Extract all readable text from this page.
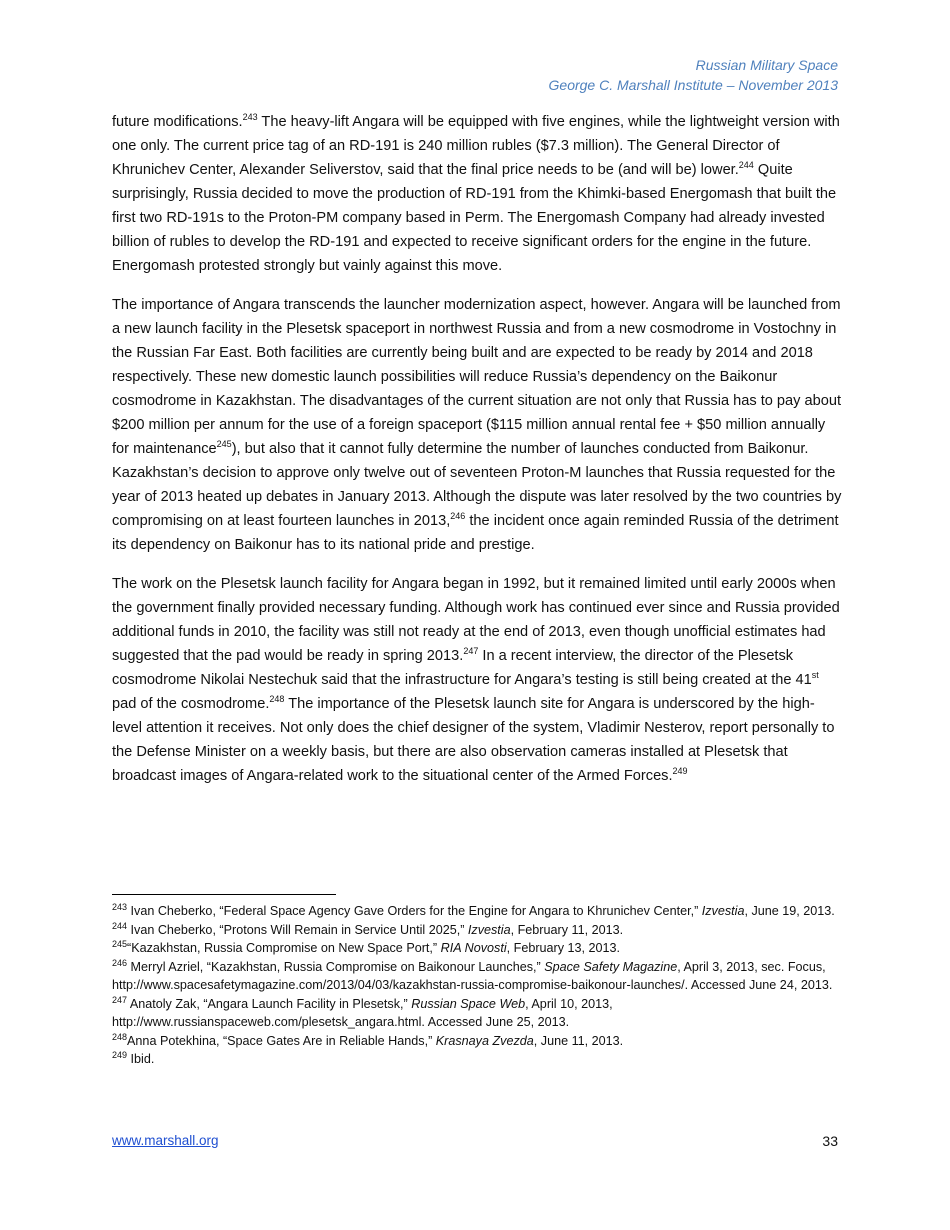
Russian Military Space
George C. Marshall Institute – November 2013

future modifications.$^{243}$ The heavy-lift Angara will be equipped with five engines, while the lightweight version with one only. The current price tag of an RD-191 is 240 million rubles ($7.3 million). The General Director of Khrunichev Center, Alexander Seliverstov, said that the final price needs to be (and will be) lower.$^{244}$ Quite surprisingly, Russia decided to move the production of RD-191 from the Khimki-based Energomash that built the first two RD-191s to the Proton-PM company based in Perm. The Energomash Company had already invested billion of rubles to develop the RD-191 and expected to receive significant orders for the engine in the future. Energomash protested strongly but vainly against this move.

The importance of Angara transcends the launcher modernization aspect, however. Angara will be launched from a new launch facility in the Plesetsk spaceport in northwest Russia and from a new cosmodrome in Vostochny in the Russian Far East. Both facilities are currently being built and are expected to be ready by 2014 and 2018 respectively. These new domestic launch possibilities will reduce Russia’s dependency on the Baikonur cosmodrome in Kazakhstan. The disadvantages of the current situation are not only that Russia has to pay about $200 million per annum for the use of a foreign spaceport ($115 million annual rental fee + $50 million annually for maintenance$^{245}$), but also that it cannot fully determine the number of launches conducted from Baikonur. Kazakhstan’s decision to approve only twelve out of seventeen Proton-M launches that Russia requested for the year of 2013 heated up debates in January 2013. Although the dispute was later resolved by the two countries by compromising on at least fourteen launches in 2013,$^{246}$ the incident once again reminded Russia of the detriment its dependency on Baikonur has to its national pride and prestige.

The work on the Plesetsk launch facility for Angara began in 1992, but it remained limited until early 2000s when the government finally provided necessary funding. Although work has continued ever since and Russia provided additional funds in 2010, the facility was still not ready at the end of 2013, even though unofficial estimates had suggested that the pad would be ready in spring 2013.$^{247}$ In a recent interview, the director of the Plesetsk cosmodrome Nikolai Nestechuk said that the infrastructure for Angara’s testing is still being created at the 41st pad of the cosmodrome.$^{248}$ The importance of the Plesetsk launch site for Angara is underscored by the high-level attention it receives. Not only does the chief designer of the system, Vladimir Nesterov, report personally to the Defense Minister on a weekly basis, but there are also observation cameras installed at Plesetsk that broadcast images of Angara-related work to the situational center of the Armed Forces.$^{249}$

$^{243}$ Ivan Cheberko, “Federal Space Agency Gave Orders for the Engine for Angara to Khrunichev Center,” Izvestia, June 19, 2013.

$^{244}$ Ivan Cheberko, “Protons Will Remain in Service Until 2025,” Izvestia, February 11, 2013.

$^{245}$“Kazakhstan, Russia Compromise on New Space Port,” RIA Novosti, February 13, 2013.

$^{246}$ Merryl Azriel, “Kazakhstan, Russia Compromise on Baikonour Launches,” Space Safety Magazine, April 3, 2013, sec. Focus, http://www.spacesafetymagazine.com/2013/04/03/kazakhstan-russia-compromise-baikonour-launches/. Accessed June 24, 2013.

$^{247}$ Anatoly Zak, “Angara Launch Facility in Plesetsk,” Russian Space Web, April 10, 2013, http://www.russianspaceweb.com/plesetsk_angara.html. Accessed June 25, 2013.

$^{248}$Anna Potekhina, “Space Gates Are in Reliable Hands,” Krasnaya Zvezda, June 11, 2013.

$^{249}$ Ibid.

www.marshall.org	33
